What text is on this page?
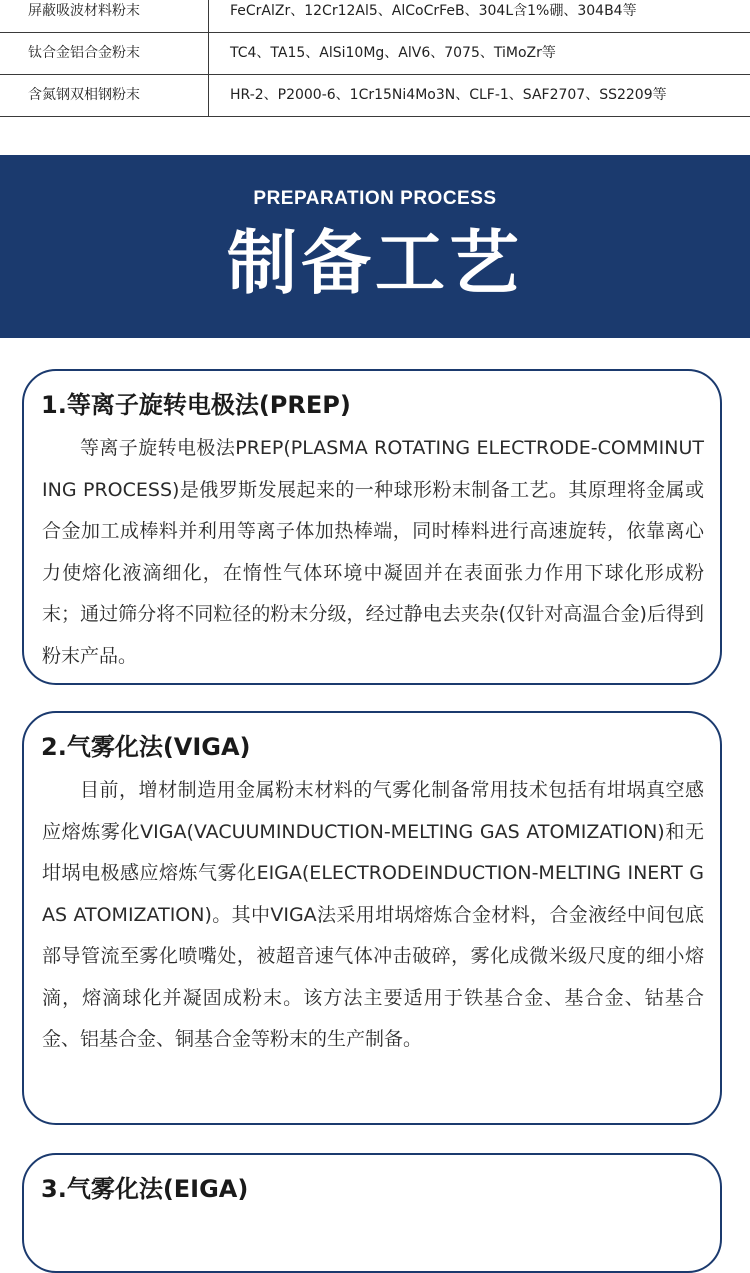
屏蔽吸波材料粉末	FeCrAlZr、12Cr12Al5、AlCoCrFeB、304L含1%硼、304B4等
钛合金铝合金粉末	TC4、TA15、AlSi10Mg、AlV6、7075、TiMoZr等
含氮钢双相钢粉末	HR-2、P2000-6、1Cr15Ni4Mo3N、CLF-1、SAF2707、SS2209等
PREPARATION PROCESS
制备工艺
1.等离子旋转电极法(PREP)
等离子旋转电极法PREP(PLASMA ROTATING ELECTRODE-COMMINUTING PROCESS)是俄罗斯发展起来的一种球形粉末制备工艺。其原理将金属或合金加工成棒料并利用等离子体加热棒端，同时棒料进行高速旋转，依靠离心力使熔化液滴细化，在惰性气体环境中凝固并在表面张力作用下球化形成粉末；通过筛分将不同粒径的粉末分级，经过静电去夹杂(仅针对高温合金)后得到粉末产品。
2.气雾化法(VIGA)
目前，增材制造用金属粉末材料的气雾化制备常用技术包括有坩埚真空感应熔炼雾化VIGA(VACUUMINDUCTION-MELTING GAS ATOMIZATION)和无坩埚电极感应熔炼气雾化EIGA(ELECTRODEINDUCTION-MELTING INERT GAS ATOMIZATION)。其中VIGA法采用坩埚熔炼合金材料，合金液经中间包底部导管流至雾化喷嘴处，被超音速气体冲击破碎，雾化成微米级尺度的细小熔滴，熔滴球化并凝固成粉末。该方法主要适用于铁基合金、基合金、钴基合金、铝基合金、铜基合金等粉末的生产制备。
3.气雾化法(EIGA)
